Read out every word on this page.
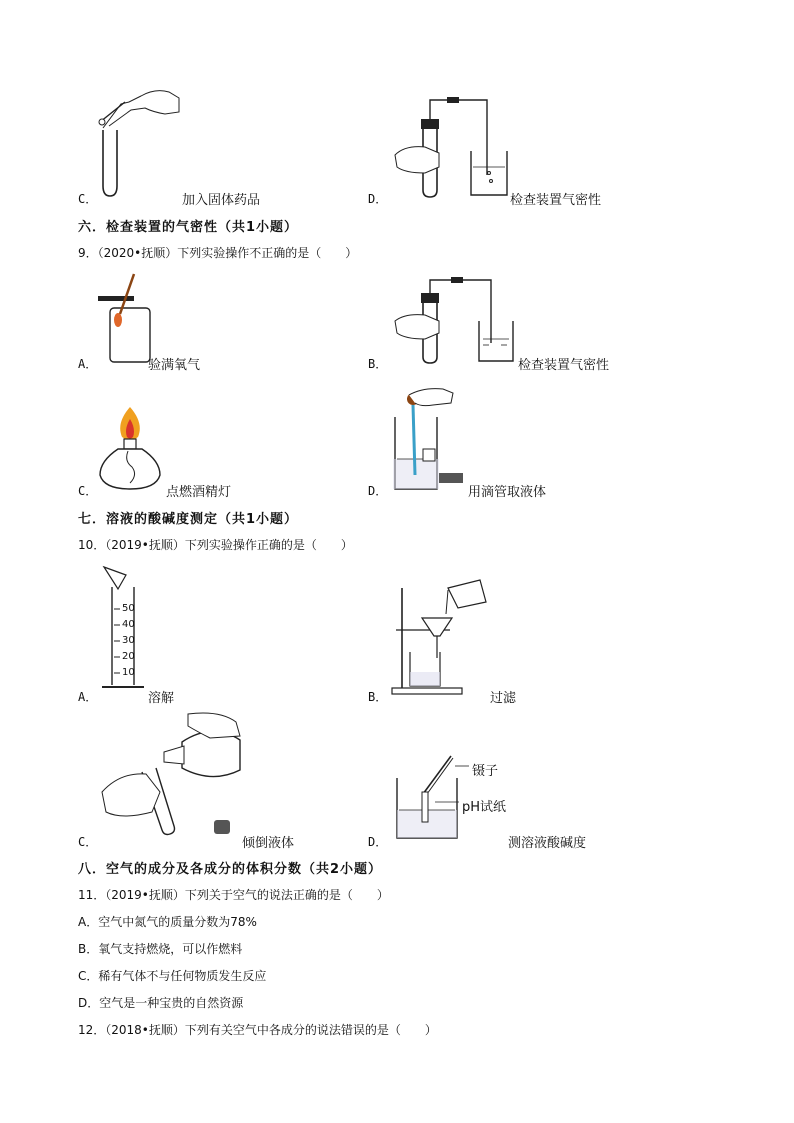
C．	加入固体药品	D．	检查装置气密性
六．检查装置的气密性（共1小题）
9．（2020•抚顺）下列实验操作不正确的是（　　）
A．	验满氧气	B．	检查装置气密性
C．	点燃酒精灯	D．	用滴管取液体
七．溶液的酸碱度测定（共1小题）
10．（2019•抚顺）下列实验操作正确的是（　　）
A．
50
40
30
20
10
溶解	B．	过滤
C．	倾倒液体	D．
镊子
pH试纸
测溶液酸碱度
八．空气的成分及各成分的体积分数（共2小题）
11．（2019•抚顺）下列关于空气的说法正确的是（　　）
A．空气中氮气的质量分数为78%
B．氧气支持燃烧，可以作燃料
C．稀有气体不与任何物质发生反应
D．空气是一种宝贵的自然资源
12．（2018•抚顺）下列有关空气中各成分的说法错误的是（　　）
